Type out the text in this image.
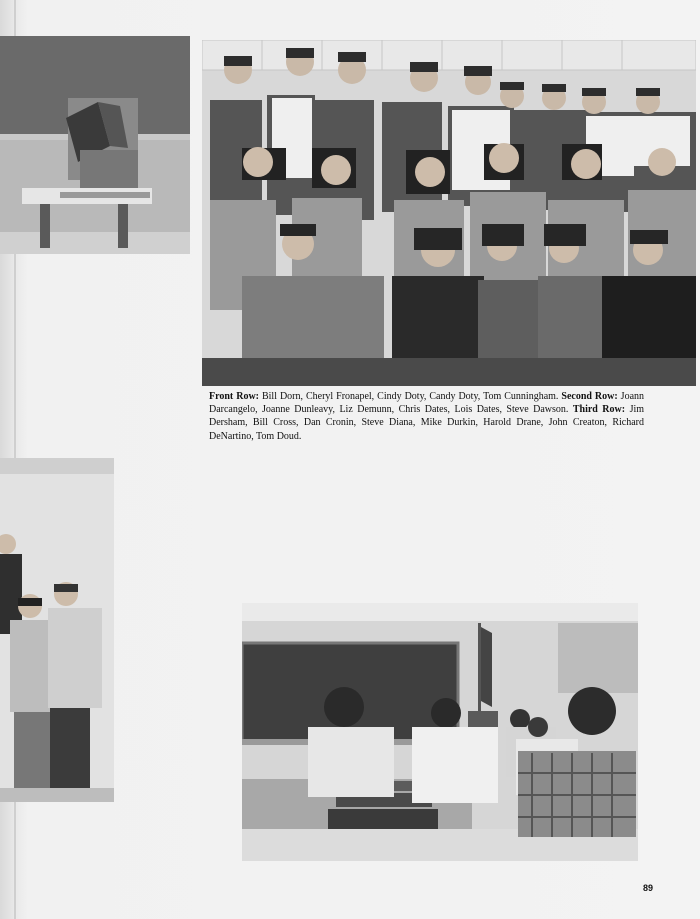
Front Row: Bill Dorn, Cheryl Fronapel, Cindy Doty, Candy Doty, Tom Cunningham. Second Row: Joann Darcangelo, Joanne Dunleavy, Liz Demunn, Chris Dates, Lois Dates, Steve Dawson. Third Row: Jim Dersham, Bill Cross, Dan Cronin, Steve Diana, Mike Durkin, Harold Drane, John Creaton, Richard DeNartino, Tom Doud.
89
